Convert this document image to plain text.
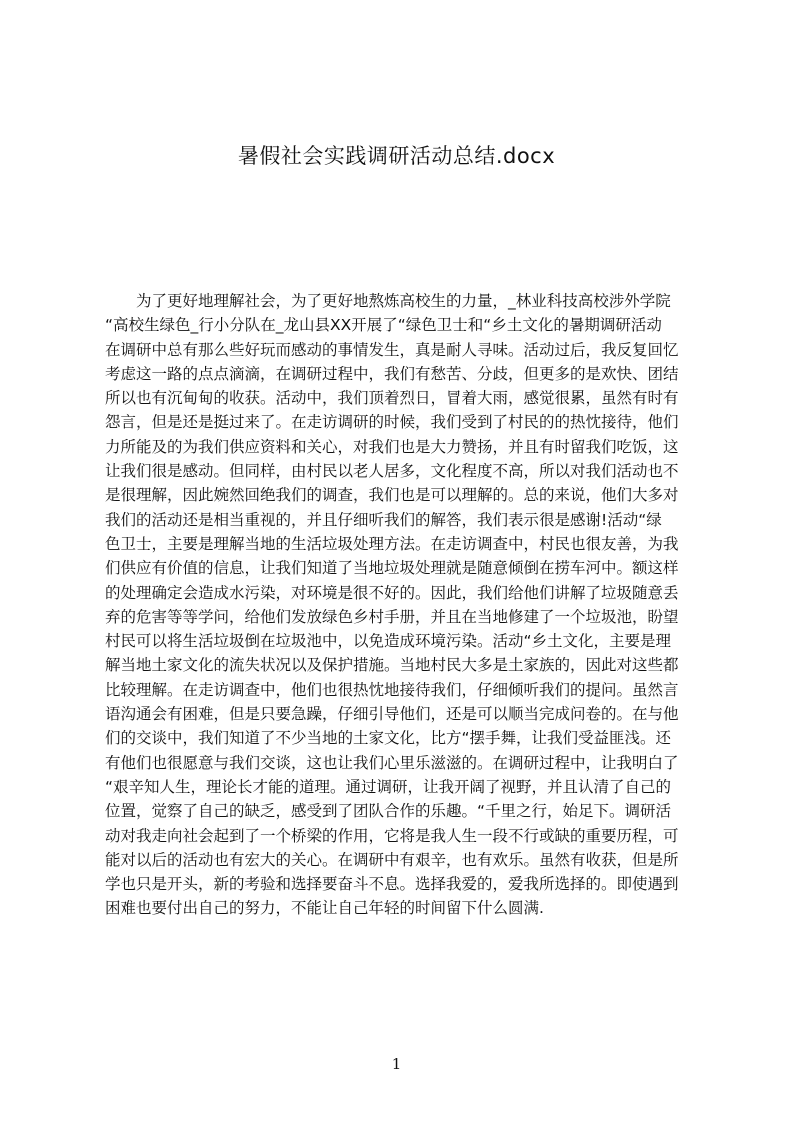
暑假社会实践调研活动总结.docx
　　为了更好地理解社会，为了更好地熬炼高校生的力量，_林业科技高校涉外学院
“高校生绿色_行小分队在_龙山县XX开展了“绿色卫士和“乡土文化的暑期调研活动
在调研中总有那么些好玩而感动的事情发生，真是耐人寻味。活动过后，我反复回忆
考虑这一路的点点滴滴，在调研过程中，我们有愁苦、分歧，但更多的是欢快、团结
所以也有沉甸甸的收获。活动中，我们顶着烈日，冒着大雨，感觉很累，虽然有时有
怨言，但是还是挺过来了。在走访调研的时候，我们受到了村民的的热忱接待，他们
力所能及的为我们供应资料和关心，对我们也是大力赞扬，并且有时留我们吃饭，这
让我们很是感动。但同样，由村民以老人居多，文化程度不高，所以对我们活动也不
是很理解，因此婉然回绝我们的调查，我们也是可以理解的。总的来说，他们大多对
我们的活动还是相当重视的，并且仔细听我们的解答，我们表示很是感谢!活动“绿
色卫士，主要是理解当地的生活垃圾处理方法。在走访调查中，村民也很友善，为我
们供应有价值的信息，让我们知道了当地垃圾处理就是随意倾倒在捞车河中。额这样
的处理确定会造成水污染，对环境是很不好的。因此，我们给他们讲解了垃圾随意丢
弃的危害等等学问，给他们发放绿色乡村手册，并且在当地修建了一个垃圾池，盼望
村民可以将生活垃圾倒在垃圾池中，以免造成环境污染。活动“乡土文化，主要是理
解当地土家文化的流失状况以及保护措施。当地村民大多是土家族的，因此对这些都
比较理解。在走访调查中，他们也很热忱地接待我们，仔细倾听我们的提问。虽然言
语沟通会有困难，但是只要急躁，仔细引导他们，还是可以顺当完成问卷的。在与他
们的交谈中，我们知道了不少当地的土家文化，比方“摆手舞，让我们受益匪浅。还
有他们也很愿意与我们交谈，这也让我们心里乐滋滋的。在调研过程中，让我明白了
“艰辛知人生，理论长才能的道理。通过调研，让我开阔了视野，并且认清了自己的
位置，觉察了自己的缺乏，感受到了团队合作的乐趣。“千里之行，始足下。调研活
动对我走向社会起到了一个桥梁的作用，它将是我人生一段不行或缺的重要历程，可
能对以后的活动也有宏大的关心。在调研中有艰辛，也有欢乐。虽然有收获，但是所
学也只是开头，新的考验和选择要奋斗不息。选择我爱的，爱我所选择的。即使遇到
困难也要付出自己的努力，不能让自己年轻的时间留下什么圆满.
1
